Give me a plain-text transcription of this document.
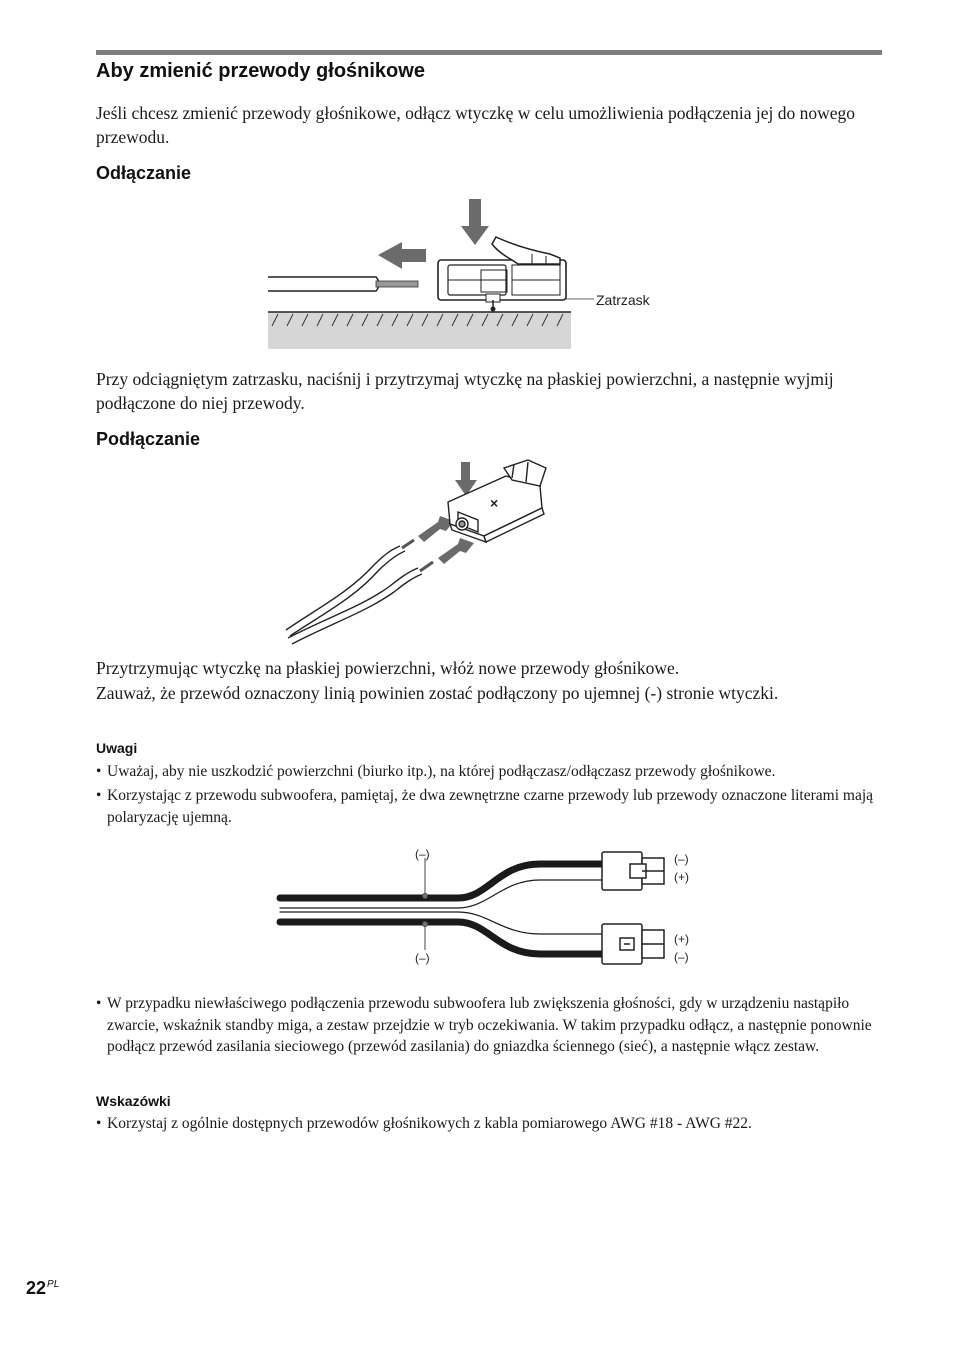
Aby zmienić przewody głośnikowe
Jeśli chcesz zmienić przewody głośnikowe, odłącz wtyczkę w celu umożliwienia podłączenia jej do nowego przewodu.
Odłączanie
Zatrzask
Przy odciągniętym zatrzasku, naciśnij i przytrzymaj wtyczkę na płaskiej powierzchni, a następnie wyjmij podłączone do niej przewody.
Podłączanie
×
Przytrzymując wtyczkę na płaskiej powierzchni, włóż nowe przewody głośnikowe.
Zauważ, że przewód oznaczony linią powinien zostać podłączony po ujemnej (-) stronie wtyczki.
Uwagi
• Uważaj, aby nie uszkodzić powierzchni (biurko itp.), na której podłączasz/odłączasz przewody głośnikowe.
• Korzystając z przewodu subwoofera, pamiętaj, że dwa zewnętrzne czarne przewody lub przewody oznaczone literami mają polaryzację ujemną.
(–)
(–)
(–)
(+)
(+)
(–)
• W przypadku niewłaściwego podłączenia przewodu subwoofera lub zwiększenia głośności, gdy w urządzeniu nastąpiło zwarcie, wskaźnik standby miga, a zestaw przejdzie w tryb oczekiwania. W takim przypadku odłącz, a następnie ponownie podłącz przewód zasilania sieciowego (przewód zasilania) do gniazdka ściennego (sieć), a następnie włącz zestaw.
Wskazówki
• Korzystaj z ogólnie dostępnych przewodów głośnikowych z kabla pomiarowego AWG #18 - AWG #22.
$22^{PL}$
